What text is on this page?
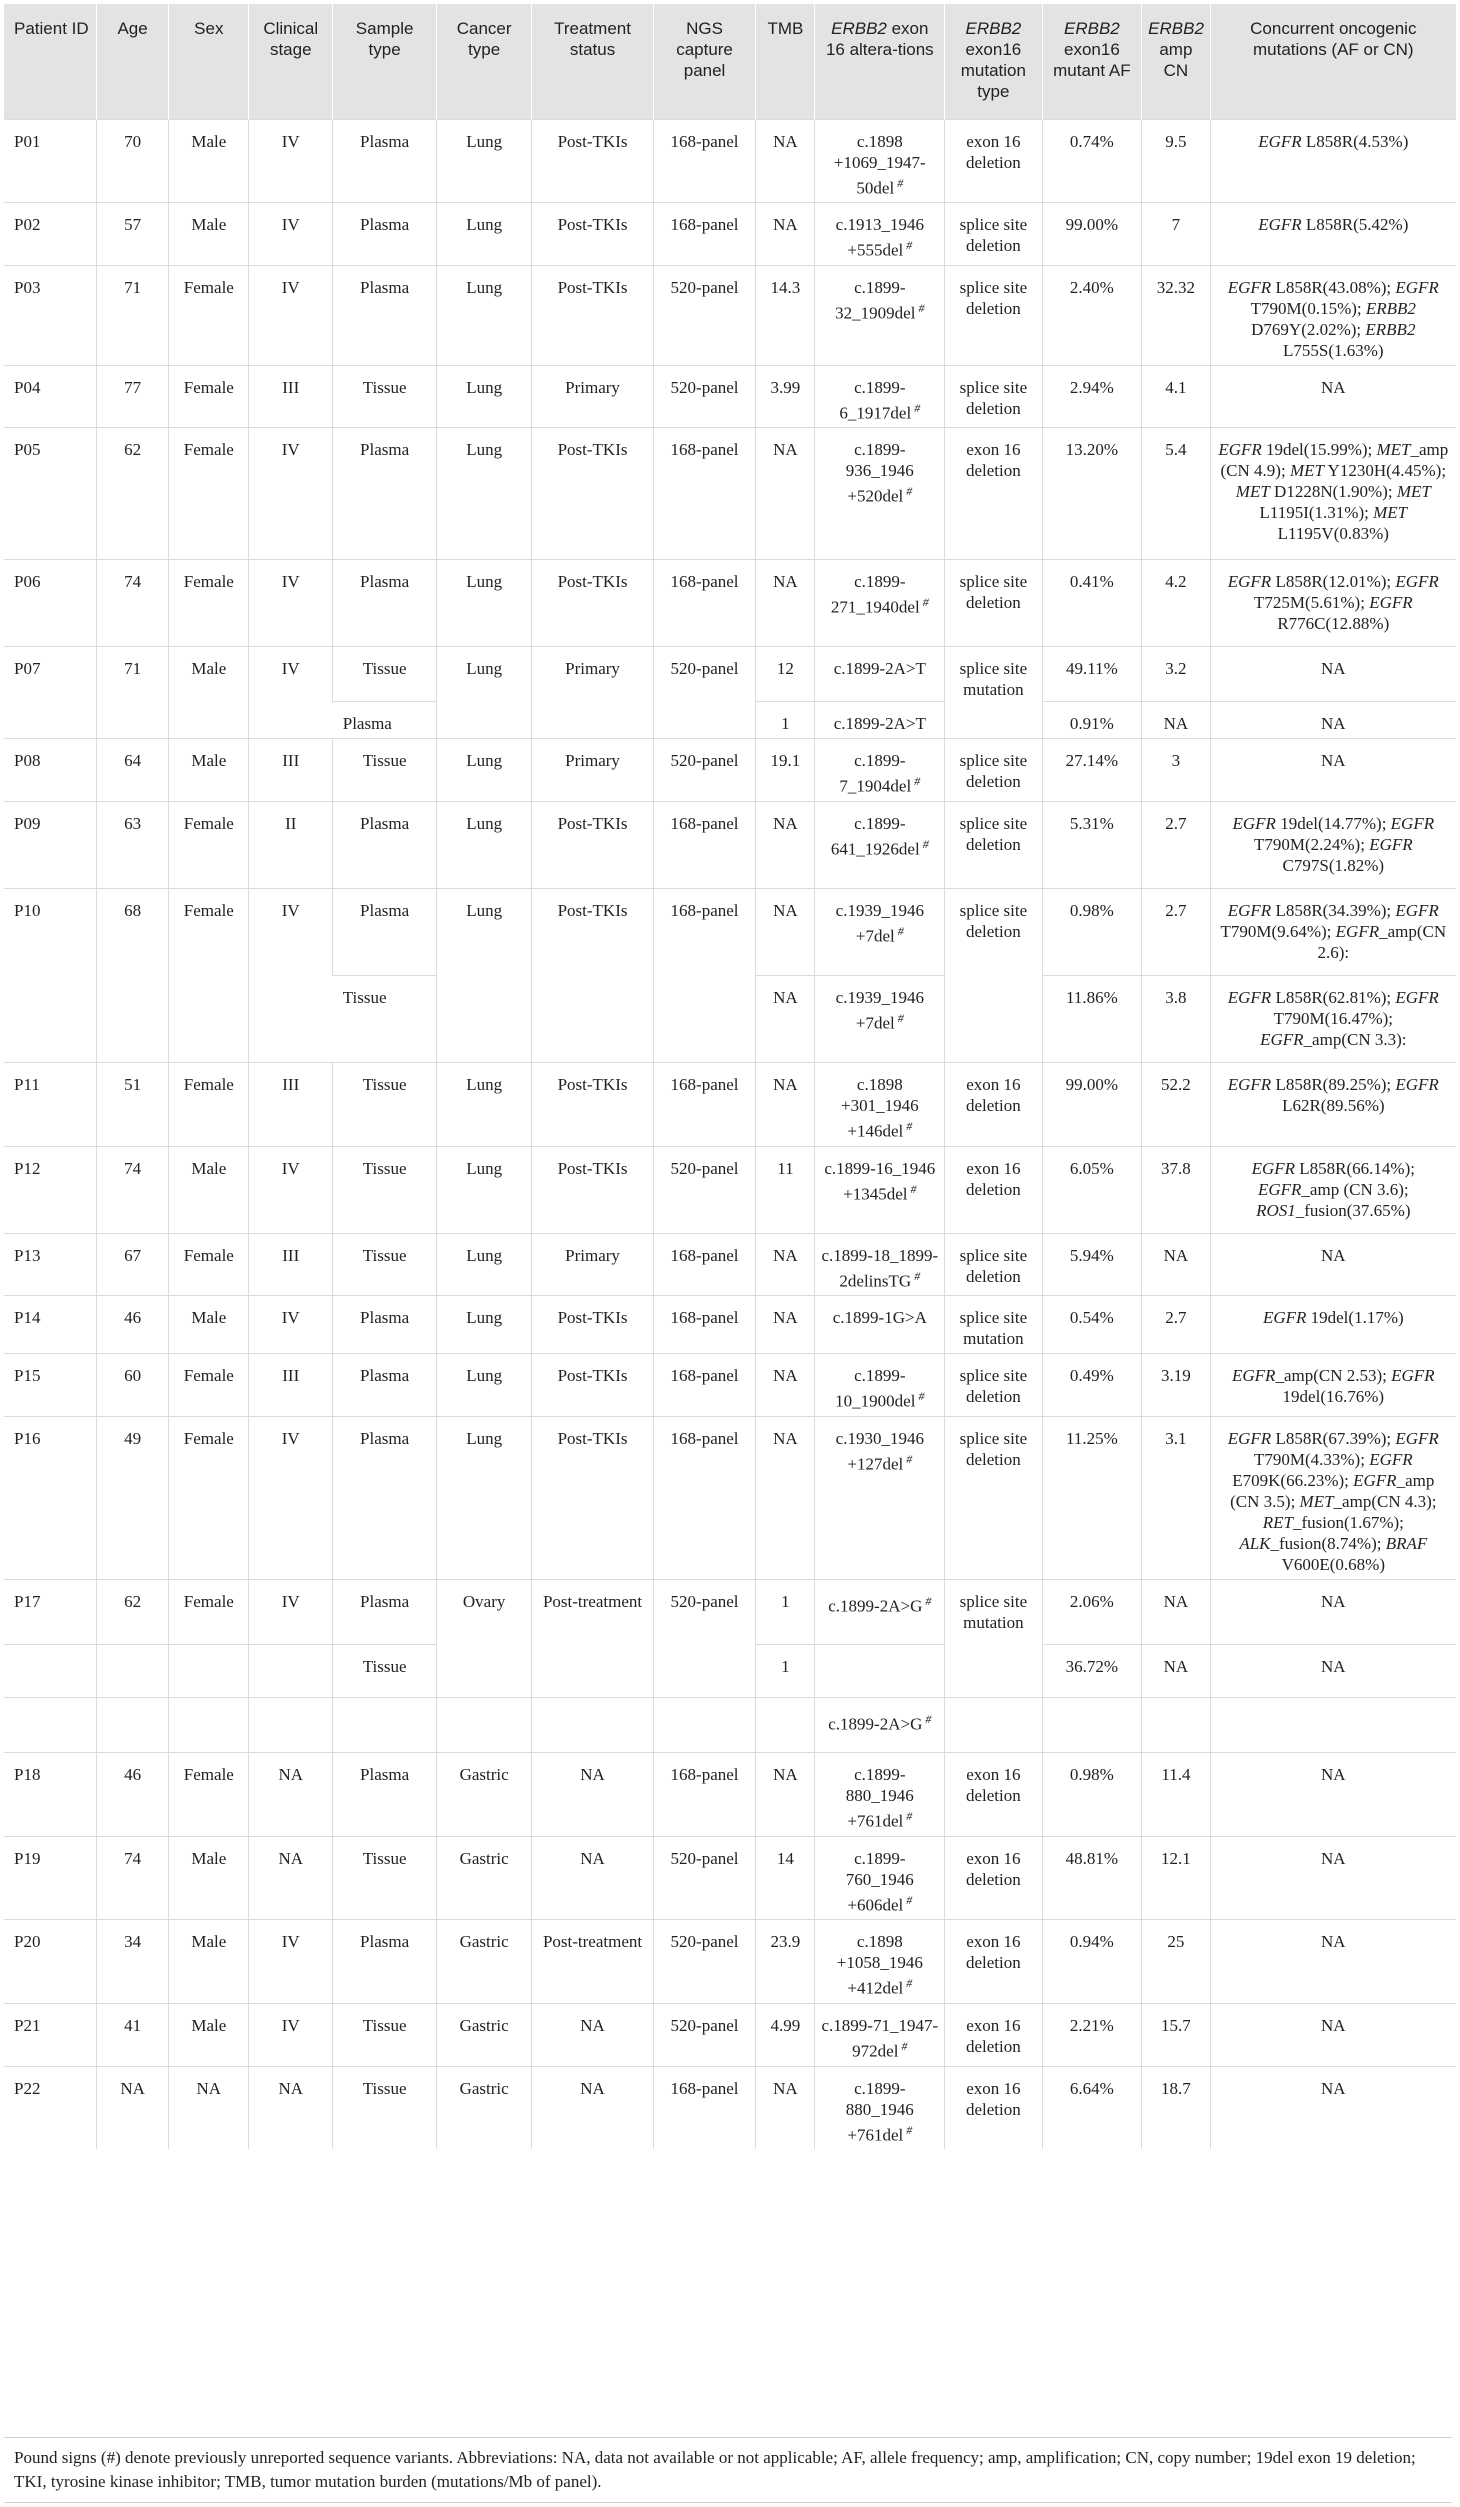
Patient ID	Age	Sex	Clinical stage	Sample type	Cancer type	Treatment status	NGS capture panel	TMB	ERBB2 exon 16 altera-tions	ERBB2 exon16 mutation type	ERBB2 exon16 mutant AF	ERBB2 amp CN	Concurrent oncogenic mutations (AF or CN)
P01	70	Male	IV	Plasma	Lung	Post-TKIs	168-panel	NA	c.1898 +1069_1947-50del #	exon 16 deletion	0.74%	9.5	EGFR L858R(4.53%)
P02	57	Male	IV	Plasma	Lung	Post-TKIs	168-panel	NA	c.1913_1946 +555del #	splice site deletion	99.00%	7	EGFR L858R(5.42%)
P03	71	Female	IV	Plasma	Lung	Post-TKIs	520-panel	14.3	c.1899-32_1909del #	splice site deletion	2.40%	32.32	EGFR L858R(43.08%); EGFR T790M(0.15%); ERBB2 D769Y(2.02%); ERBB2 L755S(1.63%)
P04	77	Female	III	Tissue	Lung	Primary	520-panel	3.99	c.1899-6_1917del #	splice site deletion	2.94%	4.1	NA
P05	62	Female	IV	Plasma	Lung	Post-TKIs	168-panel	NA	c.1899-936_1946 +520del #	exon 16 deletion	13.20%	5.4	EGFR 19del(15.99%); MET_amp (CN 4.9); MET Y1230H(4.45%); MET D1228N(1.90%); MET L1195I(1.31%); MET L1195V(0.83%)
P06	74	Female	IV	Plasma	Lung	Post-TKIs	168-panel	NA	c.1899-271_1940del #	splice site deletion	0.41%	4.2	EGFR L858R(12.01%); EGFR T725M(5.61%); EGFR R776C(12.88%)
P07	71	Male	IV	Tissue	Lung	Primary	520-panel	12	c.1899-2A>T	splice site mutation	49.11%	3.2	NA
				Plasma				1	c.1899-2A>T		0.91%	NA	NA
P08	64	Male	III	Tissue	Lung	Primary	520-panel	19.1	c.1899-7_1904del #	splice site deletion	27.14%	3	NA
P09	63	Female	II	Plasma	Lung	Post-TKIs	168-panel	NA	c.1899-641_1926del #	splice site deletion	5.31%	2.7	EGFR 19del(14.77%); EGFR T790M(2.24%); EGFR C797S(1.82%)
P10	68	Female	IV	Plasma	Lung	Post-TKIs	168-panel	NA	c.1939_1946 +7del #	splice site deletion	0.98%	2.7	EGFR L858R(34.39%); EGFR T790M(9.64%); EGFR_amp(CN 2.6):
				Tissue				NA	c.1939_1946 +7del #		11.86%	3.8	EGFR L858R(62.81%); EGFR T790M(16.47%); EGFR_amp(CN 3.3):
P11	51	Female	III	Tissue	Lung	Post-TKIs	168-panel	NA	c.1898 +301_1946 +146del #	exon 16 deletion	99.00%	52.2	EGFR L858R(89.25%); EGFR L62R(89.56%)
P12	74	Male	IV	Tissue	Lung	Post-TKIs	520-panel	11	c.1899-16_1946 +1345del #	exon 16 deletion	6.05%	37.8	EGFR L858R(66.14%); EGFR_amp (CN 3.6); ROS1_fusion(37.65%)
P13	67	Female	III	Tissue	Lung	Primary	168-panel	NA	c.1899-18_1899-2delinsTG #	splice site deletion	5.94%	NA	NA
P14	46	Male	IV	Plasma	Lung	Post-TKIs	168-panel	NA	c.1899-1G>A	splice site mutation	0.54%	2.7	EGFR 19del(1.17%)
P15	60	Female	III	Plasma	Lung	Post-TKIs	168-panel	NA	c.1899-10_1900del #	splice site deletion	0.49%	3.19	EGFR_amp(CN 2.53); EGFR 19del(16.76%)
P16	49	Female	IV	Plasma	Lung	Post-TKIs	168-panel	NA	c.1930_1946 +127del #	splice site deletion	11.25%	3.1	EGFR L858R(67.39%); EGFR T790M(4.33%); EGFR E709K(66.23%); EGFR_amp (CN 3.5); MET_amp(CN 4.3); RET_fusion(1.67%); ALK_fusion(8.74%); BRAF V600E(0.68%)
P17	62	Female	IV	Plasma	Ovary	Post-treatment	520-panel	1	c.1899-2A>G #	splice site mutation	2.06%	NA	NA
				Tissue				1			36.72%	NA	NA
									c.1899-2A>G #				
P18	46	Female	NA	Plasma	Gastric	NA	168-panel	NA	c.1899-880_1946 +761del #	exon 16 deletion	0.98%	11.4	NA
P19	74	Male	NA	Tissue	Gastric	NA	520-panel	14	c.1899-760_1946 +606del #	exon 16 deletion	48.81%	12.1	NA
P20	34	Male	IV	Plasma	Gastric	Post-treatment	520-panel	23.9	c.1898 +1058_1946 +412del #	exon 16 deletion	0.94%	25	NA
P21	41	Male	IV	Tissue	Gastric	NA	520-panel	4.99	c.1899-71_1947-972del #	exon 16 deletion	2.21%	15.7	NA
P22	NA	NA	NA	Tissue	Gastric	NA	168-panel	NA	c.1899-880_1946 +761del #	exon 16 deletion	6.64%	18.7	NA
Pound signs (#) denote previously unreported sequence variants. Abbreviations: NA, data not available or not applicable; AF, allele frequency; amp, amplification; CN, copy number; 19del exon 19 deletion; TKI, tyrosine kinase inhibitor; TMB, tumor mutation burden (mutations/Mb of panel).
